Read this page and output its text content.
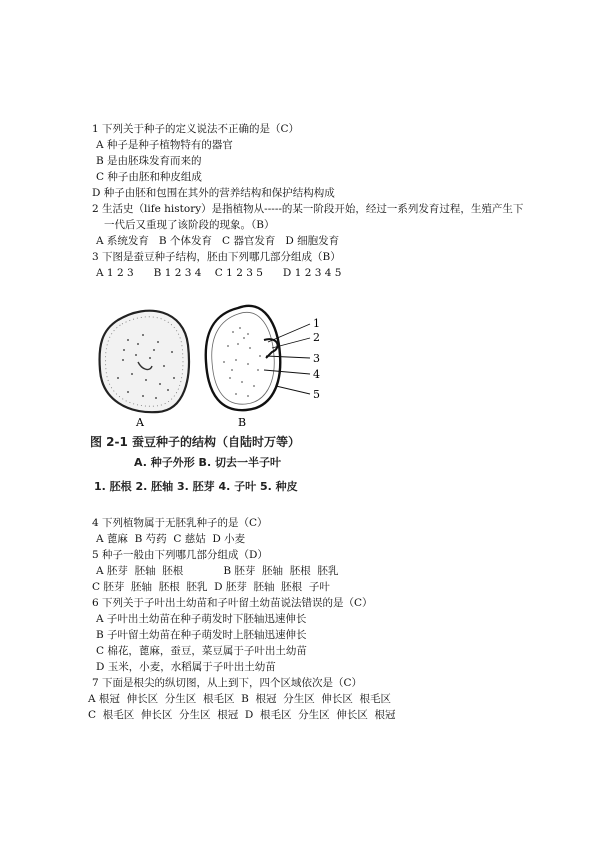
1 下列关于种子的定义说法不正确的是（C）
A 种子是种子植物特有的器官
B 是由胚珠发育而来的
C 种子由胚和种皮组成
D 种子由胚和包围在其外的营养结构和保护结构构成
2 生活史（life history）是指植物从-----的某一阶段开始，经过一系列发育过程，生殖产生下
一代后又重现了该阶段的现象。（B）
A 系统发育   B 个体发育   C 器官发育   D 细胞发育
3 下图是蚕豆种子结构，胚由下列哪几部分组成（B）
A 1 2 3      B 1 2 3 4    C 1 2 3 5      D 1 2 3 4 5
1
2
3
4
5
A	B
图 2-1 蚕豆种子的结构（自陆时万等）
A. 种子外形 B. 切去一半子叶
1. 胚根 2. 胚轴 3. 胚芽 4. 子叶 5. 种皮
4 下列植物属于无胚乳种子的是（C）
A 蓖麻  B 芍药  C 慈姑  D 小麦
5 种子一般由下列哪几部分组成（D）
A 胚芽  胚轴  胚根            B 胚芽  胚轴  胚根  胚乳
C 胚芽  胚轴  胚根  胚乳  D 胚芽  胚轴  胚根  子叶
6 下列关于子叶出土幼苗和子叶留土幼苗说法错误的是（C）
A 子叶出土幼苗在种子萌发时下胚轴迅速伸长
B 子叶留土幼苗在种子萌发时上胚轴迅速伸长
C 棉花，蓖麻，蚕豆，菜豆属于子叶出土幼苗
D 玉米，小麦，水稻属于子叶出土幼苗
7 下面是根尖的纵切图，从上到下，四个区域依次是（C）
A 根冠  伸长区  分生区  根毛区  B  根冠  分生区  伸长区  根毛区
C  根毛区  伸长区  分生区  根冠  D  根毛区  分生区  伸长区  根冠
